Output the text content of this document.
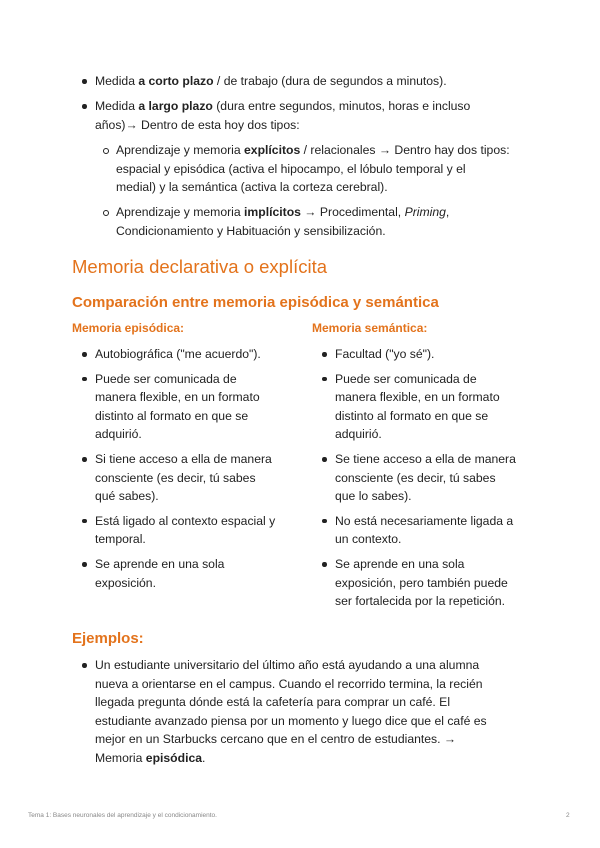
Medida a corto plazo / de trabajo (dura de segundos a minutos).
Medida a largo plazo (dura entre segundos, minutos, horas e incluso
años)→ Dentro de esta hoy dos tipos:
Aprendizaje y memoria explícitos / relacionales → Dentro hay dos tipos:
espacial y episódica (activa el hipocampo, el lóbulo temporal y el
medial) y la semántica (activa la corteza cerebral).
Aprendizaje y memoria implícitos → Procedimental, Priming,
Condicionamiento y Habituación y sensibilización.
Memoria declarativa o explícita
Comparación entre memoria episódica y semántica
Memoria episódica:
Autobiográfica ("me acuerdo").
Puede ser comunicada de
manera flexible, en un formato
distinto al formato en que se
adquirió.
Si tiene acceso a ella de manera
consciente (es decir, tú sabes
qué sabes).
Está ligado al contexto espacial y
temporal.
Se aprende en una sola
exposición.
Memoria semántica:
Facultad ("yo sé").
Puede ser comunicada de
manera flexible, en un formato
distinto al formato en que se
adquirió.
Se tiene acceso a ella de manera
consciente (es decir, tú sabes
que lo sabes).
No está necesariamente ligada a
un contexto.
Se aprende en una sola
exposición, pero también puede
ser fortalecida por la repetición.
Ejemplos:
Un estudiante universitario del último año está ayudando a una alumna
nueva a orientarse en el campus. Cuando el recorrido termina, la recién
llegada pregunta dónde está la cafetería para comprar un café. El
estudiante avanzado piensa por un momento y luego dice que el café es
mejor en un Starbucks cercano que en el centro de estudiantes. →
Memoria episódica.
Tema 1: Bases neuronales del aprendizaje y el condicionamiento.	2
